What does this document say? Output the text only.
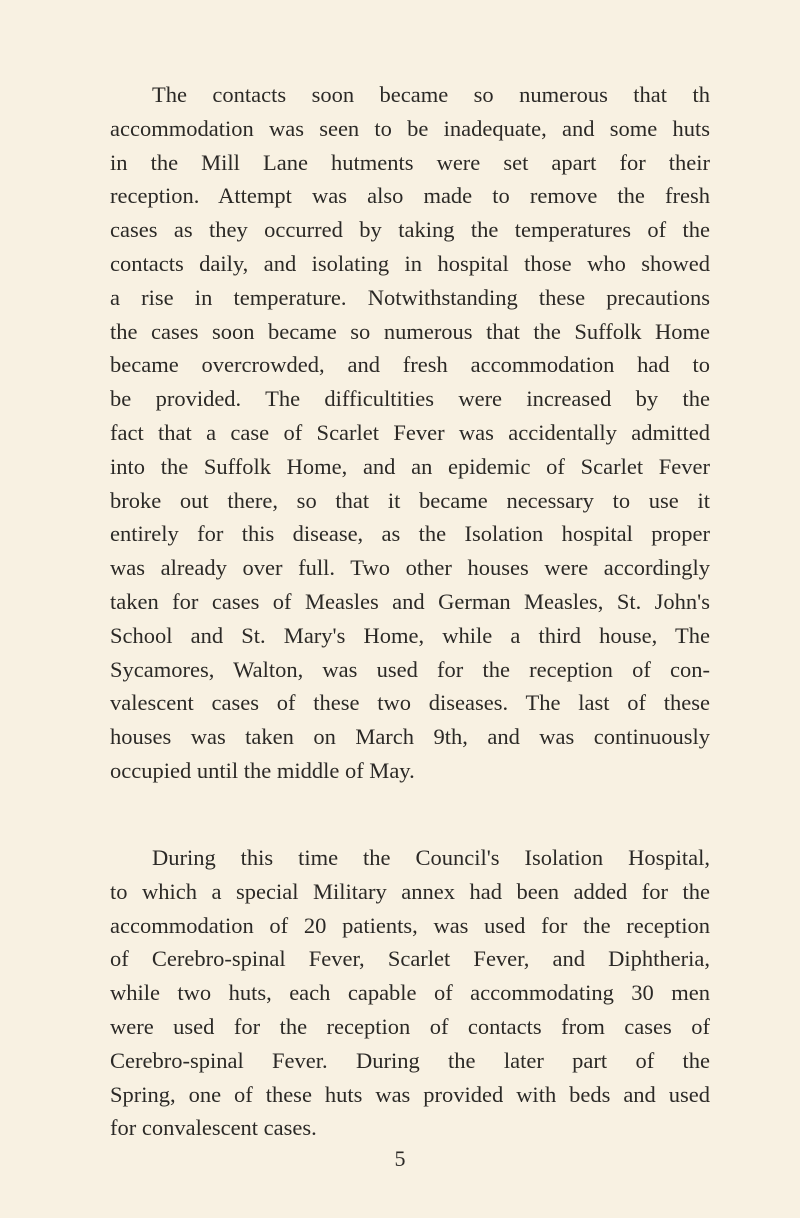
The contacts soon became so numerous that th
accommodation was seen to be inadequate, and some huts
in the Mill Lane hutments were set apart for their
reception. Attempt was also made to remove the fresh
cases as they occurred by taking the temperatures of the
contacts daily, and isolating in hospital those who showed
a rise in temperature. Notwithstanding these precautions
the cases soon became so numerous that the Suffolk Home
became overcrowded, and fresh accommodation had to
be provided. The difficultities were increased by the
fact that a case of Scarlet Fever was accidentally admitted
into the Suffolk Home, and an epidemic of Scarlet Fever
broke out there, so that it became necessary to use it
entirely for this disease, as the Isolation hospital proper
was already over full. Two other houses were accordingly
taken for cases of Measles and German Measles, St. John's
School and St. Mary's Home, while a third house, The
Sycamores, Walton, was used for the reception of con-
valescent cases of these two diseases. The last of these
houses was taken on March 9th, and was continuously
occupied until the middle of May.
During this time the Council's Isolation Hospital,
to which a special Military annex had been added for the
accommodation of 20 patients, was used for the reception
of Cerebro-spinal Fever, Scarlet Fever, and Diphtheria,
while two huts, each capable of accommodating 30 men
were used for the reception of contacts from cases of
Cerebro-spinal Fever. During the later part of the
Spring, one of these huts was provided with beds and used
for convalescent cases.
5
